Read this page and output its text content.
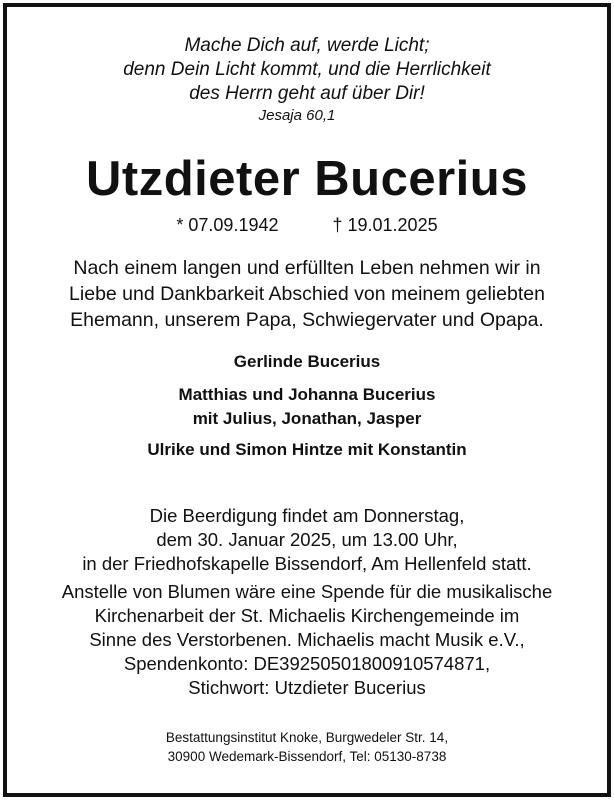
Mache Dich auf, werde Licht;
denn Dein Licht kommt, und die Herrlichkeit
des Herrn geht auf über Dir!
Jesaja 60,1
Utzdieter Bucerius
* 07.09.1942	† 19.01.2025
Nach einem langen und erfüllten Leben nehmen wir in
Liebe und Dankbarkeit Abschied von meinem geliebten
Ehemann, unserem Papa, Schwiegervater und Opapa.
Gerlinde Bucerius
Matthias und Johanna Bucerius
mit Julius, Jonathan, Jasper
Ulrike und Simon Hintze mit Konstantin
Die Beerdigung findet am Donnerstag,
dem 30. Januar 2025, um 13.00 Uhr,
in der Friedhofskapelle Bissendorf, Am Hellenfeld statt.
Anstelle von Blumen wäre eine Spende für die musikalische
Kirchenarbeit der St. Michaelis Kirchengemeinde im
Sinne des Verstorbenen. Michaelis macht Musik e.V.,
Spendenkonto: DE39250501800910574871,
Stichwort: Utzdieter Bucerius
Bestattungsinstitut Knoke, Burgwedeler Str. 14,
30900 Wedemark-Bissendorf, Tel: 05130-8738
